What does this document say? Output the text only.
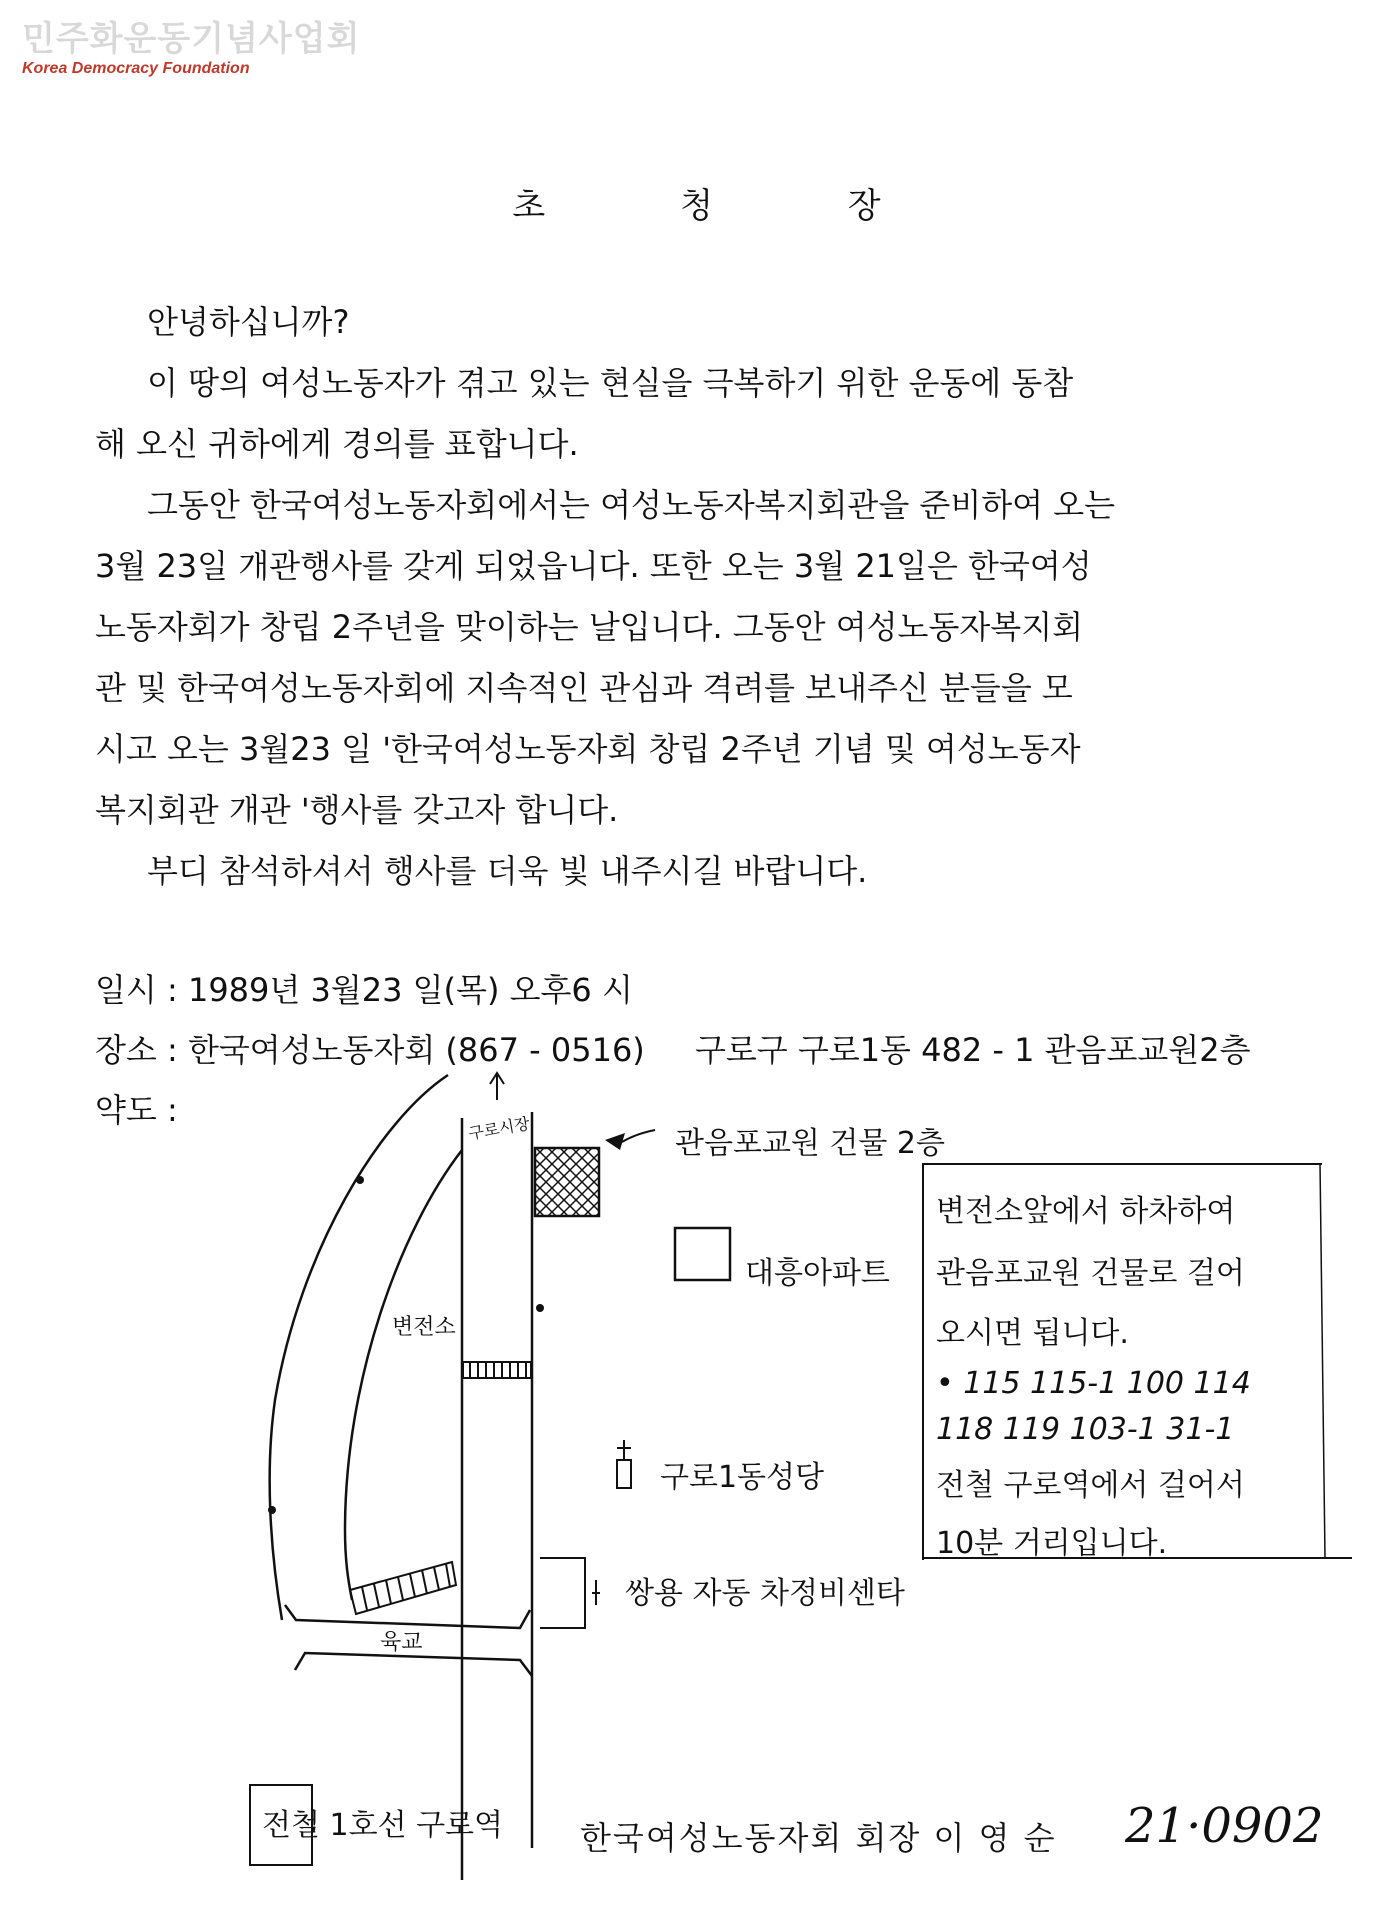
민주화운동기념사업회
Korea Democracy Foundation
초	청	장

안녕하십니까?

이 땅의 여성노동자가 겪고 있는 현실을 극복하기 위한 운동에 동참

해 오신 귀하에게 경의를 표합니다.

그동안 한국여성노동자회에서는 여성노동자복지회관을 준비하여 오는

3월 23일 개관행사를 갖게 되었읍니다. 또한 오는 3월 21일은 한국여성

노동자회가 창립 2주년을 맞이하는 날입니다. 그동안 여성노동자복지회

관 및 한국여성노동자회에 지속적인 관심과 격려를 보내주신 분들을 모

시고 오는 3월23 일 '한국여성노동자회 창립 2주년 기념 및 여성노동자

복지회관 개관 '행사를 갖고자 합니다.

부디 참석하셔서 행사를 더욱 빛 내주시길 바랍니다.

일시 : 1989년 3월23 일(목) 오후6 시
장소 : 한국여성노동자회 (867 - 0516) 구로구 구로1동 482 - 1 관음포교원2층
약도 :	구로시장	관음포교원 건물 2층
대흥아파트
변전소
구로1동성당
쌍용 자동 차정비센타
육교
전철 1호선 구로역
변전소앞에서 하차하여
관음포교원 건물로 걸어
오시면 됩니다.
• 115 115-1 100 114
118 119 103-1 31-1
전철 구로역에서 걸어서
10분 거리입니다.
한국여성노동자회 회장 이 영 순 21·0902
